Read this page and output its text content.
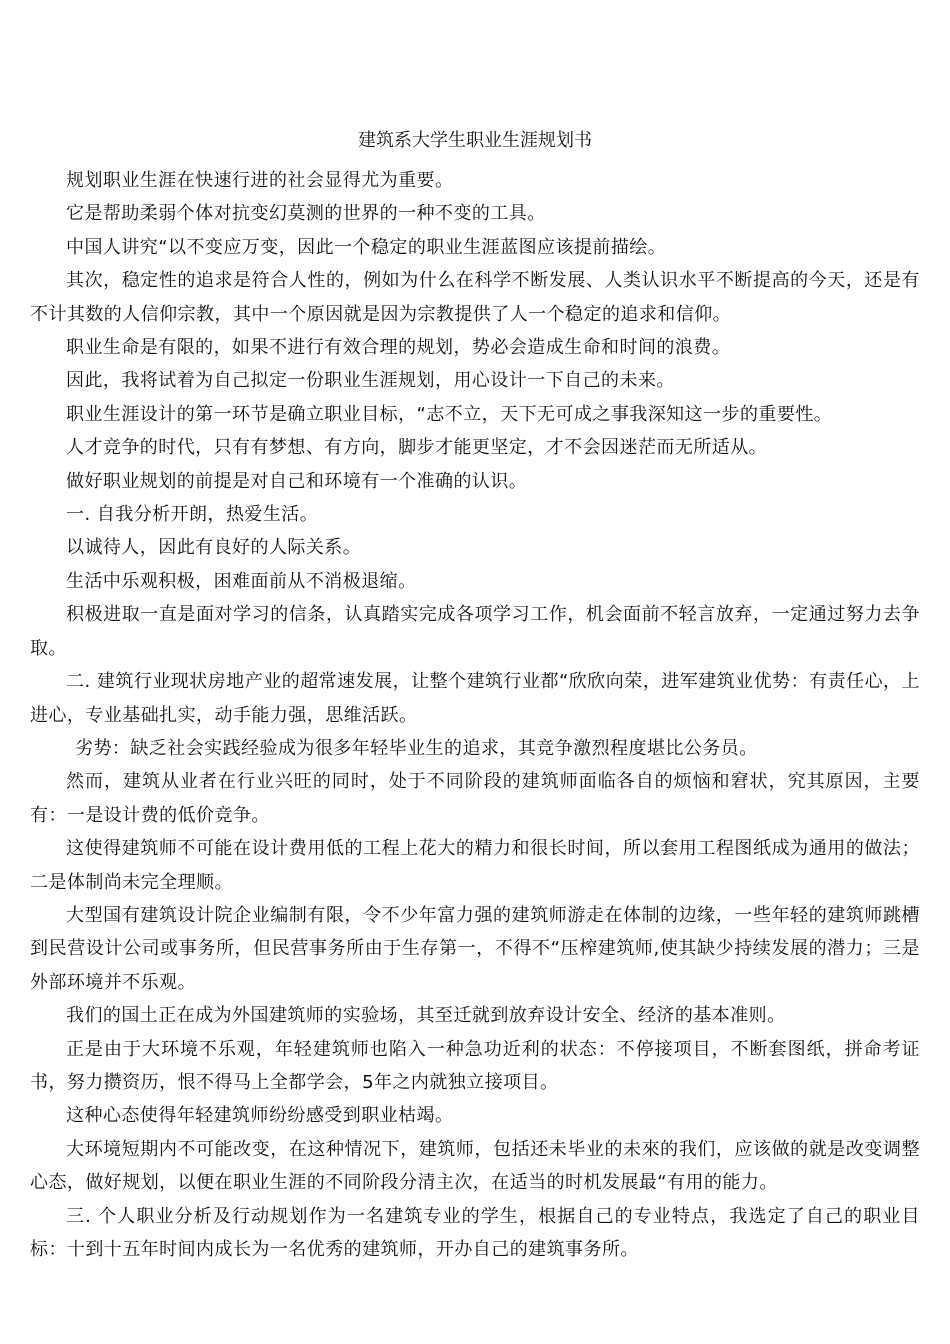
建筑系大学生职业生涯规划书

规划职业生涯在快速行进的社会显得尤为重要。

它是帮助柔弱个体对抗变幻莫测的世界的一种不变的工具。

中国人讲究“以不变应万变，因此一个稳定的职业生涯蓝图应该提前描绘。

其次，稳定性的追求是符合人性的，例如为什么在科学不断发展、人类认识水平不断提高的今天，还是有不计其数的人信仰宗教，其中一个原因就是因为宗教提供了人一个稳定的追求和信仰。

职业生命是有限的，如果不进行有效合理的规划，势必会造成生命和时间的浪费。

因此，我将试着为自己拟定一份职业生涯规划，用心设计一下自己的未来。

职业生涯设计的第一环节是确立职业目标，“志不立，天下无可成之事我深知这一步的重要性。

人才竞争的时代，只有有梦想、有方向，脚步才能更坚定，才不会因迷茫而无所适从。

做好职业规划的前提是对自己和环境有一个准确的认识。

一. 自我分析开朗，热爱生活。

以诚待人，因此有良好的人际关系。

生活中乐观积极，困难面前从不消极退缩。

积极进取一直是面对学习的信条，认真踏实完成各项学习工作，机会面前不轻言放弃，一定通过努力去争取。

二. 建筑行业现状房地产业的超常速发展，让整个建筑行业都“欣欣向荣，进军建筑业优势：有责任心，上进心，专业基础扎实，动手能力强，思维活跃。

劣势：缺乏社会实践经验成为很多年轻毕业生的追求，其竞争激烈程度堪比公务员。

然而，建筑从业者在行业兴旺的同时，处于不同阶段的建筑师面临各自的烦恼和窘状，究其原因，主要有：一是设计费的低价竞争。

这使得建筑师不可能在设计费用低的工程上花大的精力和很长时间，所以套用工程图纸成为通用的做法；二是体制尚未完全理顺。

大型国有建筑设计院企业编制有限，令不少年富力强的建筑师游走在体制的边缘，一些年轻的建筑师跳槽到民营设计公司或事务所，但民营事务所由于生存第一，不得不“压榨建筑师,使其缺少持续发展的潜力；三是外部环境并不乐观。

我们的国土正在成为外国建筑师的实验场，其至迁就到放弃设计安全、经济的基本准则。

正是由于大环境不乐观，年轻建筑师也陷入一种急功近利的状态：不停接项目，不断套图纸，拼命考证书，努力攒资历，恨不得马上全都学会，5年之内就独立接项目。

这种心态使得年轻建筑师纷纷感受到职业枯竭。

大环境短期内不可能改变，在这种情况下，建筑师，包括还未毕业的未來的我们，应该做的就是改变调整心态，做好规划，以便在职业生涯的不同阶段分清主次，在适当的时机发展最“有用的能力。

三. 个人职业分析及行动规划作为一名建筑专业的学生，根据自己的专业特点，我选定了自己的职业目标：十到十五年时间内成长为一名优秀的建筑师，开办自己的建筑事务所。
